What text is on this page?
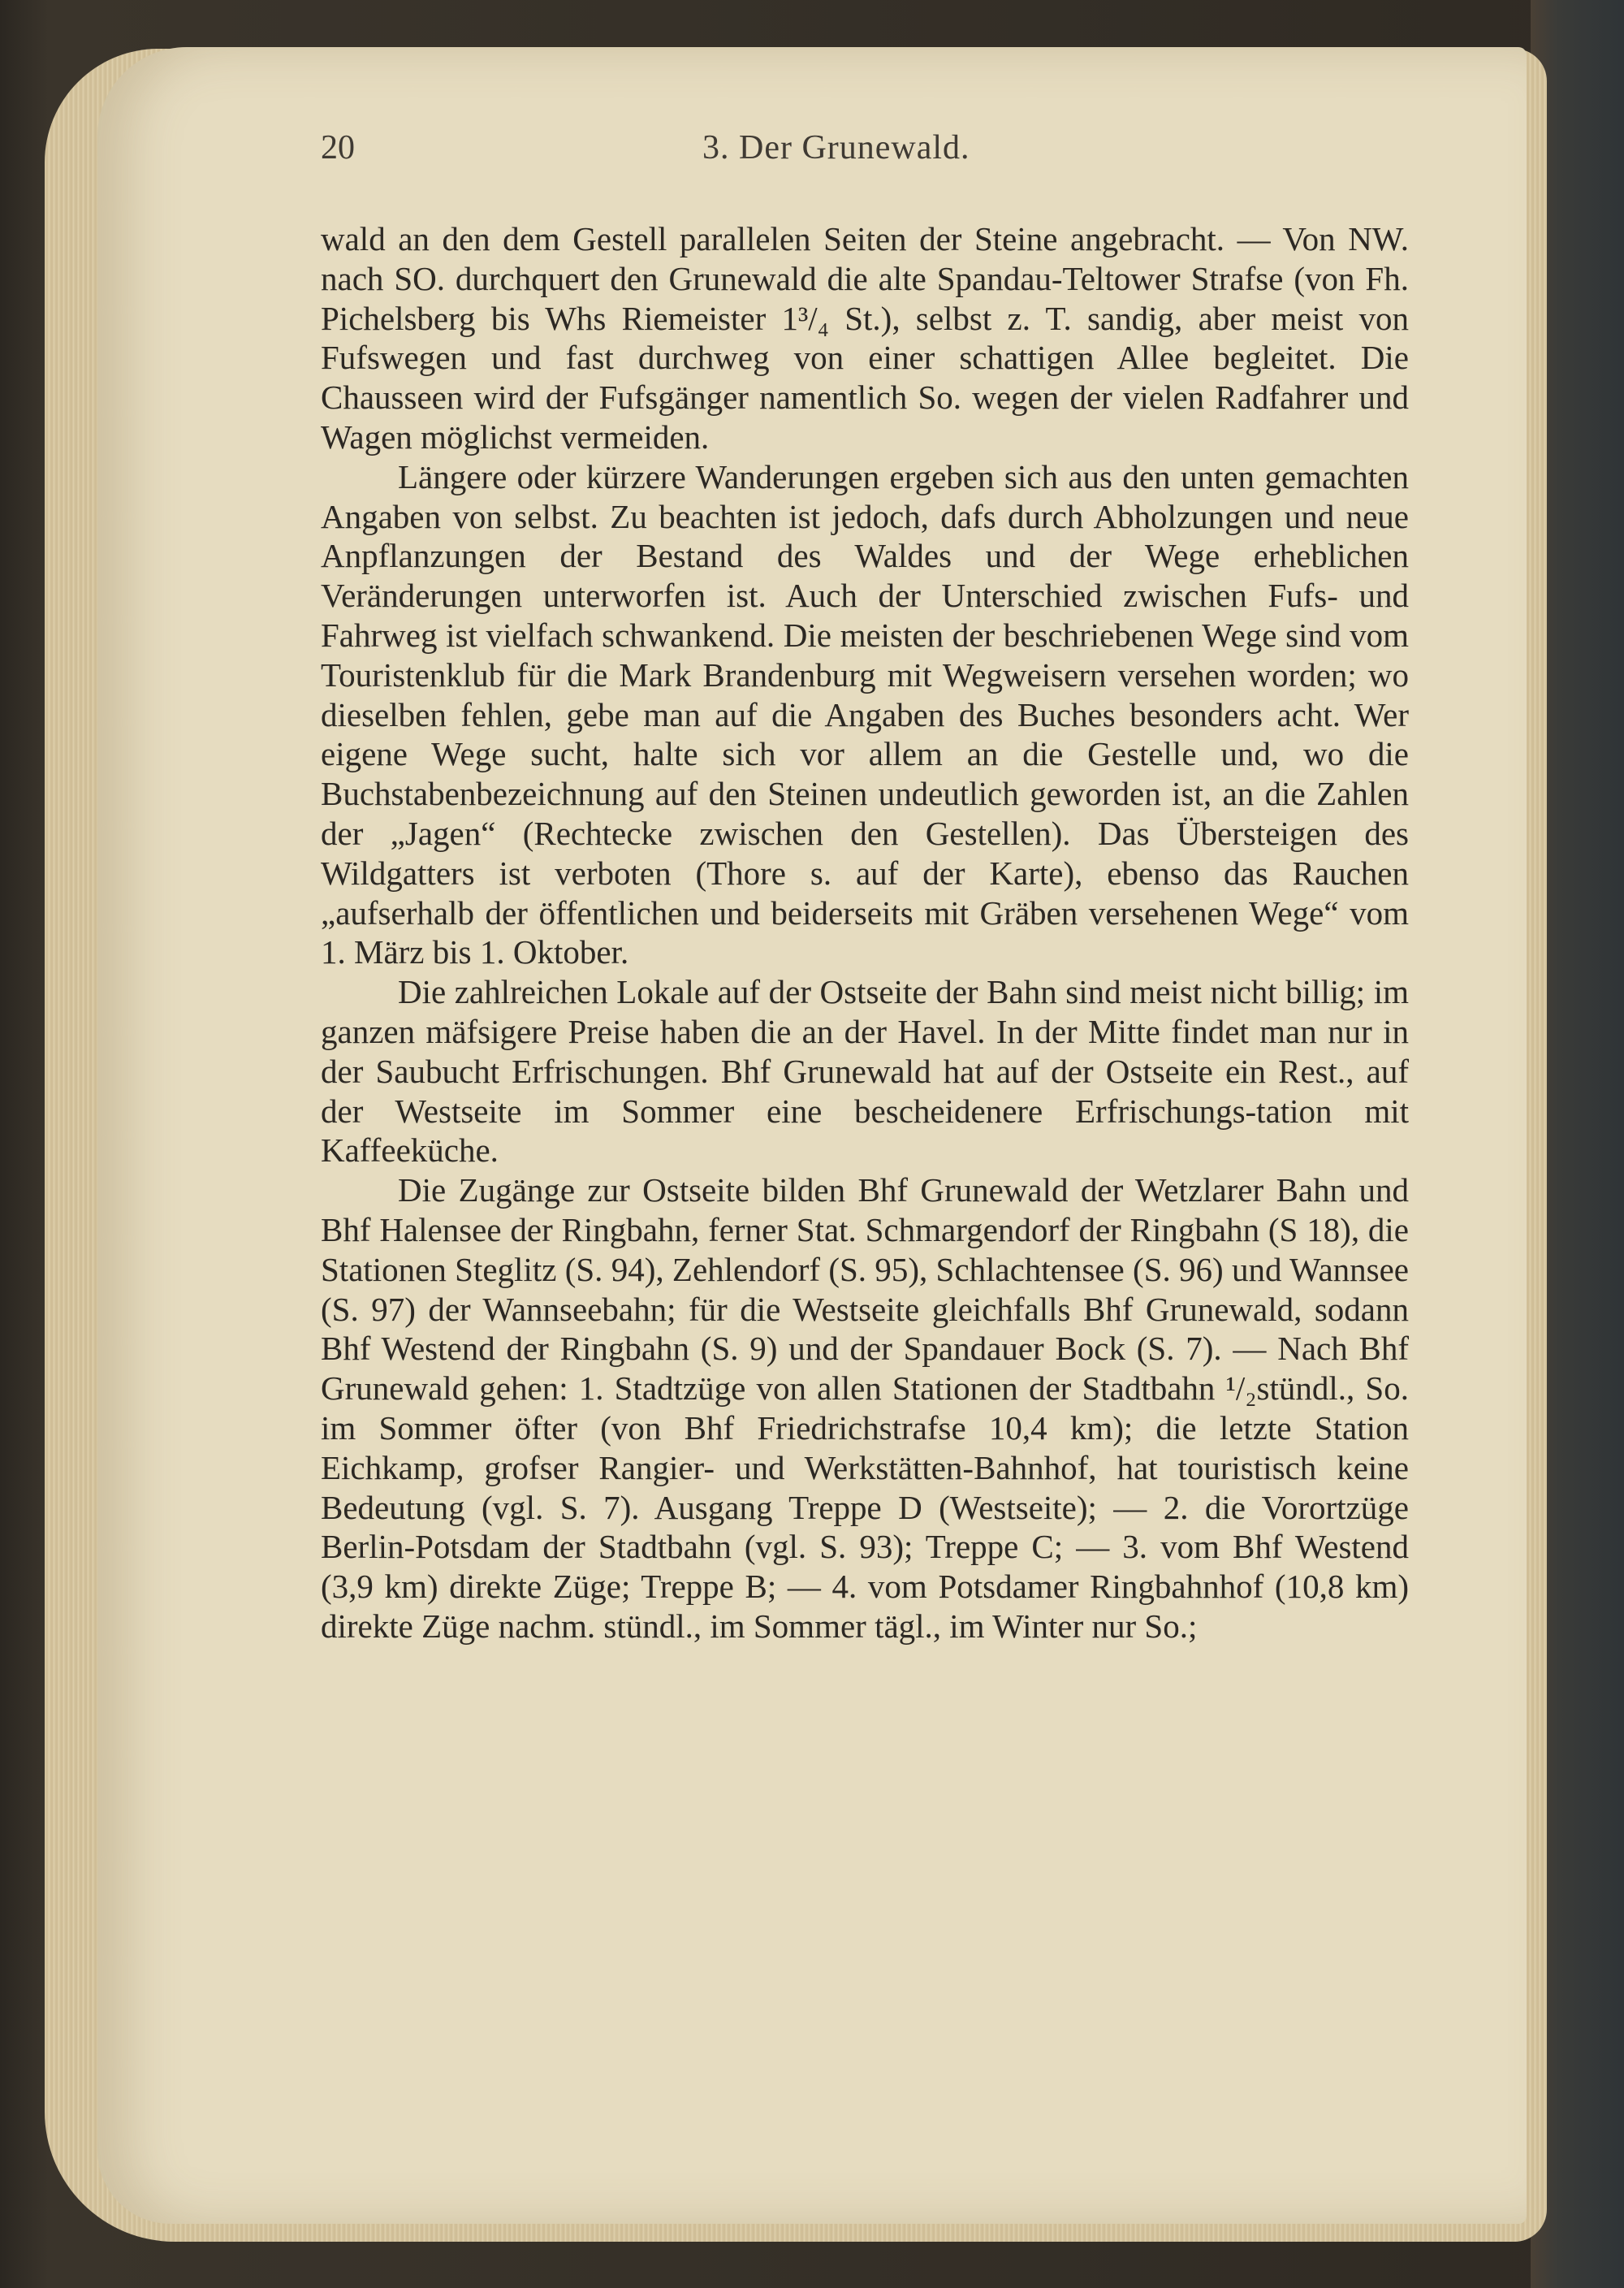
20	3. Der Grunewald.

wald an den dem Gestell parallelen Seiten der Steine angebracht. — Von NW. nach SO. durchquert den Grunewald die alte Spandau-Teltower Strafse (von Fh. Pichelsberg bis Whs Riemeister 1³/₄ St.), selbst z. T. sandig, aber meist von Fufswegen und fast durchweg von einer schattigen Allee begleitet. Die Chausseen wird der Fufsgänger namentlich So. wegen der vielen Radfahrer und Wagen möglichst vermeiden.

Längere oder kürzere Wanderungen ergeben sich aus den unten gemachten Angaben von selbst. Zu beachten ist jedoch, dafs durch Abholzungen und neue Anpflanzungen der Bestand des Waldes und der Wege erheblichen Veränderungen unterworfen ist. Auch der Unterschied zwischen Fufs- und Fahrweg ist vielfach schwankend. Die meisten der beschriebenen Wege sind vom Touristenklub für die Mark Brandenburg mit Wegweisern versehen worden; wo dieselben fehlen, gebe man auf die Angaben des Buches besonders acht. Wer eigene Wege sucht, halte sich vor allem an die Gestelle und, wo die Buchstabenbezeichnung auf den Steinen undeutlich geworden ist, an die Zahlen der „Jagen“ (Rechtecke zwischen den Gestellen). Das Übersteigen des Wildgatters ist verboten (Thore s. auf der Karte), ebenso das Rauchen „aufserhalb der öffentlichen und beiderseits mit Gräben versehenen Wege“ vom 1. März bis 1. Oktober.

Die zahlreichen Lokale auf der Ostseite der Bahn sind meist nicht billig; im ganzen mäfsigere Preise haben die an der Havel. In der Mitte findet man nur in der Saubucht Erfrischungen. Bhf Grunewald hat auf der Ostseite ein Rest., auf der Westseite im Sommer eine bescheidenere Erfrischungs-tation mit Kaffeeküche.

Die Zugänge zur Ostseite bilden Bhf Grunewald der Wetzlarer Bahn und Bhf Halensee der Ringbahn, ferner Stat. Schmargendorf der Ringbahn (S 18), die Stationen Steglitz (S. 94), Zehlendorf (S. 95), Schlachtensee (S. 96) und Wannsee (S. 97) der Wannseebahn; für die Westseite gleichfalls Bhf Grunewald, sodann Bhf Westend der Ringbahn (S. 9) und der Spandauer Bock (S. 7). — Nach Bhf Grunewald gehen: 1. Stadtzüge von allen Stationen der Stadtbahn ¹/₂stündl., So. im Sommer öfter (von Bhf Friedrichstrafse 10,4 km); die letzte Station Eichkamp, grofser Rangier- und Werkstätten-Bahnhof, hat touristisch keine Bedeutung (vgl. S. 7). Ausgang Treppe D (Westseite); — 2. die Vorortzüge Berlin-Potsdam der Stadtbahn (vgl. S. 93); Treppe C; — 3. vom Bhf Westend (3,9 km) direkte Züge; Treppe B; — 4. vom Potsdamer Ringbahnhof (10,8 km) direkte Züge nachm. stündl., im Sommer tägl., im Winter nur So.;
